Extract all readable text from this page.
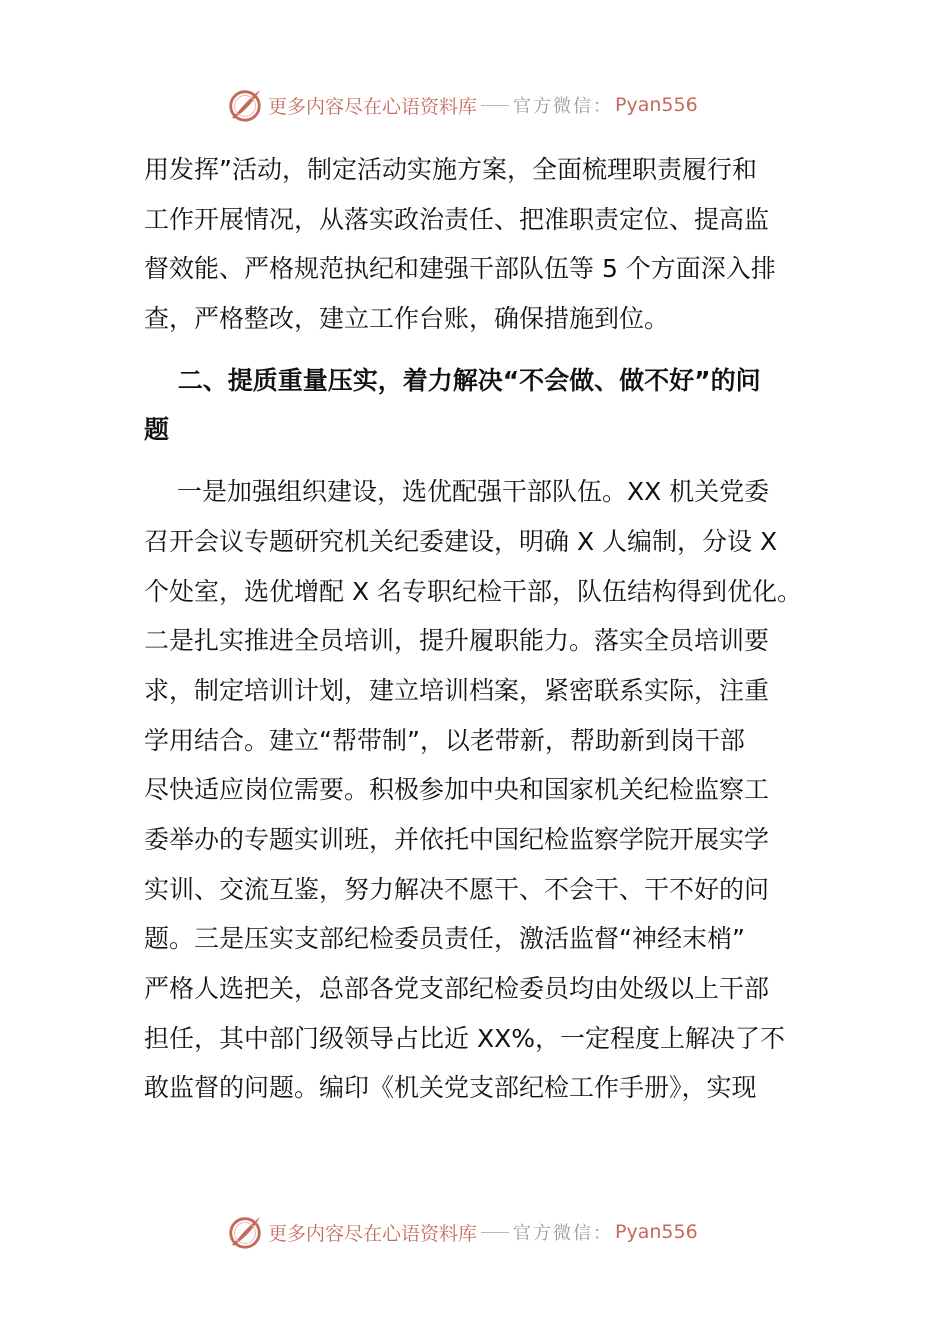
更多内容尽在心语资料库 官方微信： Pyan556
用发挥”活动，制定活动实施方案，全面梳理职责履行和
工作开展情况，从落实政治责任、把准职责定位、提高监
督效能、严格规范执纪和建强干部队伍等 5 个方面深入排
查，严格整改，建立工作台账，确保措施到位。
　 二、提质重量压实，着力解决“不会做、做不好”的问
题
　 一是加强组织建设，选优配强干部队伍。XX 机关党委
召开会议专题研究机关纪委建设，明确 X 人编制，分设 X
个处室，选优增配 X 名专职纪检干部，队伍结构得到优化。
二是扎实推进全员培训，提升履职能力。落实全员培训要
求，制定培训计划，建立培训档案，紧密联系实际，注重
学用结合。建立“帮带制”，以老带新，帮助新到岗干部
尽快适应岗位需要。积极参加中央和国家机关纪检监察工
委举办的专题实训班，并依托中国纪检监察学院开展实学
实训、交流互鉴，努力解决不愿干、不会干、干不好的问
题。三是压实支部纪检委员责任，激活监督“神经末梢”
严格人选把关，总部各党支部纪检委员均由处级以上干部
担任，其中部门级领导占比近 XX%，一定程度上解决了不
敢监督的问题。编印《机关党支部纪检工作手册》，实现
更多内容尽在心语资料库 官方微信： Pyan556
